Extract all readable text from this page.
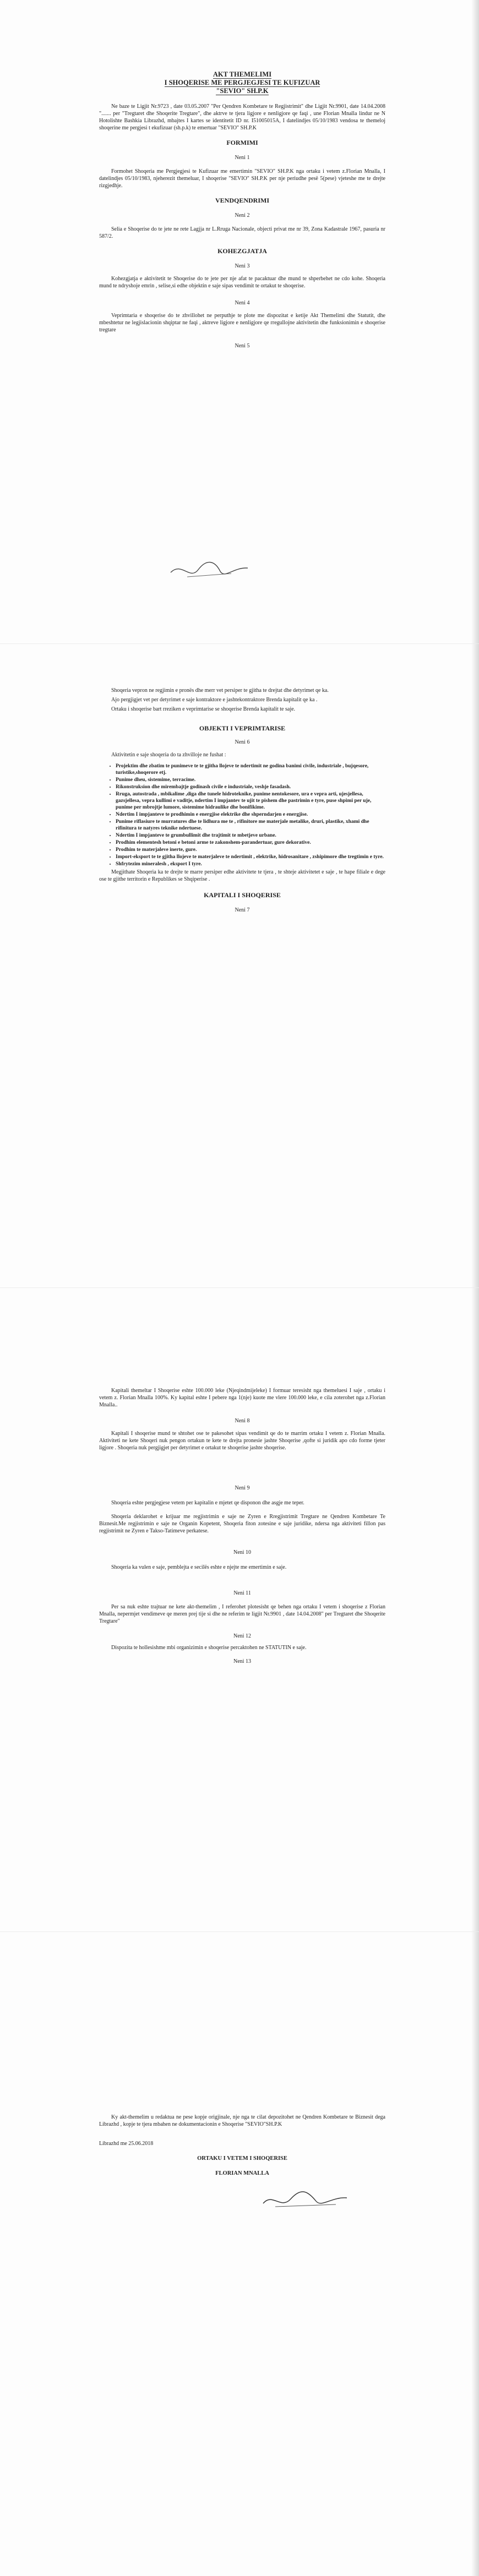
AKT THEMELIMI
I SHOQERISE ME PERGJEGJESI TE KUFIZUAR
"SEVIO" SH.P.K

Ne baze te Ligjit Nr.9723 , date 03.05.2007 "Per Qendren Kombetare te Regjistrimit" dhe Ligjit Nr.9901, date 14.04.2008 "....... per "Tregtaret dhe Shoqerite Tregtare", dhe aktrve te tjera ligjore e nenligjore qe faqi , une Florian Mnalla lindur ne N Hotolishte Bashkia Librazhd, mbajtes I kartes se identitetit ID nr. I51005015A, I datelindjes 05/10/1983 vendosa te themeloj shoqerine me pergjesi t ekufizuar (sh.p.k) te emertuar "SEVIO" SH.P.K

FORMIMI

Neni 1

Formohet Shoqeria me Pergjegjesi te Kufizuar me emertimin "SEVIO" SH.P.K nga ortaku i vetem z.Florian Mnalla, I datelindjes 05/10/1983, njeherezit themeluar, I shoqerise "SEVIO" SH.P.K per nje periudhe pesë 5(pese) vjeteshe me te drejte rizgjedhje.

VENDQENDRIMI

Neni 2

Selia e Shoqerise do te jete ne rete Lagjja nr L.Rruga Nacionale, objecti privat me nr 39, Zona Kadastrale 1967, pasuria nr 587/2.

KOHEZGJATJA

Neni 3

Kohezgjatja e aktivitetit te Shoqerise do te jete per nje afat te pacaktuar dhe mund te shperbehet ne cdo kohe. Shoqeria mund te ndryshoje emrin , selise,si edhe objektin e saje sipas vendimit te ortakut te shoqerise.

Neni 4

Veprimtaria e shoqerise do te zhvillohet ne perputhje te plote me dispozitat e ketije Akt Themelimi dhe Statutit, dhe mbeshtetur ne legjislacionin shqiptar ne faqi , aktreve ligjore e nenligjore qe rregullojne aktivitetin dhe funksionimin e shoqerise tregtare

Neni 5

Shoqeria vepron ne regjimin e pronës dhe merr vet persiper te gjitha te drejtat dhe detyrimet qe ka.

Ajo pergjigjet vet per detyrimet e saje kontraktore e jashtekontraktore Brenda kapitalit qe ka .

Ortaku i shoqerise bart rreziken e veprimtarise se shoqerise Brenda kapitalit te saje.

OBJEKTI I VEPRIMTARISE

Neni 6

Aktivitetin e saje shoqeria do ta zhvilloje ne fushat :

• Projektim dhe zbatim te punimeve te te gjitha llojeve te ndertimit ne godina banimi civile, industriale , bujqesore, turistike,shoqerore etj.
• Punime dheu, sistemime, terracime.
• Rikonstruksion dhe mirembajtje godinash civile e industriale, veshje fasadash.
• Rruga, autostrada , mbikalime ,diga dhe tunele hidroteknike, punime nentokesore, ura e vepra arti, ujesjellesa, gazsjellesa, vepra kullimi e vaditje, ndertim I impjantev te ujit te pishem dhe pastrimin e tyre, puse shpimi per uje, punime per mbrojtje lumore, sistemime hidraulike dhe bonifikime.
• Ndertim I impjanteve te prodhimin e energjise elektrike dhe shperndarjen e energjise.
• Punime riflasiure te murratures dhe te lidhura me te , rifinitore me materjale metalike, druri, plastike, xhami dhe rifinitura te natyres teknike ndertuese.
• Ndertim I impjanteve te grumbullimit dhe trajtimit te mbetjeve urbane.
• Prodhim elementesh betoni e betoni arme te zakonshem-parandertuar, gure dekorative.
• Prodhim te materjaleve inerte, gure.
• Import-eksport te te gjitha llojeve te materjaleve te ndertimit , elektrike, hidrosanitare , zshipimore dhe tregtimin e tyre.
• Shfrytezim mineralesh , eksport I tyre.

Megjithate Shoqeria ka te drejte te marre persiper edhe aktivitete te tjera , te shteje aktivitetet e saje , te hape filiale e dege ose te gjithe territorin e Republikes se Shqiperise .

KAPITALI I SHOQERISE

Neni 7

Kapitali themeltar I Shoqerise eshte 100.000 leke (Njeqindmijeleke) I formuar teresisht nga themeluesi I saje , ortaku i vetem z. Florian Mnalla 100%. Ky kapital eshte I pebere nga 1(nje) kuote me vlere 100.000 leke, e cila zoterohet nga z.Florian Mnalla..

Neni 8

Kapitali I shoqerise mund te shtohet ose te pakesohet sipas vendimit qe do te marrim ortaku I vetem z. Florian Mnalla. Aktiviteti ne kete Shoqeri nuk pengon ortakun te kete te drejta pronesie jashte Shoqerise ,qofte si juridik apo cdo forme tjeter ligjore . Shoqeria nuk pergjigjet per detyrimet e ortakut te shoqerise jashte shoqerise.

Neni 9

Shoqeria eshte pergjegjese vetem per kapitalin e mjetet qe disponon dhe asgje me teper.

Shoqeria deklarohet e krijuar me regjistrimin e saje ne Zyren e Rregjistrimit Tregtare ne Qendren Kombetare Te Biznesit.Me regjistrimin e saje ne Organin Kopetent, Shoqeria fiton zotesine e saje juridike, ndersa nga aktiviteti fillon pas regjistrimit ne Zyren e Takso-Tatimeve perkatese.

Neni 10

Shoqeria ka vulen e saje, pemblejta e secilës eshte e njejte me emertimin e saje.

Neni 11

Per sa nuk eshte trajtuar ne kete akt-themelim , I referohet plotesisht qe behen nga ortaku I vetem i shoqerise z Florian Mnalla, nepermjet vendimeve qe meren prej tije si dhe ne referim te ligjit Nr.9901 , date 14.04.2008" per Tregtaret dhe Shoqerite Tregtare"

Neni 12

Dispozita te hollesishme mbi organizimin e shoqerise percaktohen ne STATUTIN e saje.

Neni 13

Ky akt-themelim u redaktua ne pese kopje origjinale, nje nga te cilat depozitohet ne Qendren Kombetare te Biznesit dega Librazhd , kopje te tjera mbahen ne dokumentacionin e Shoqerise "SEVIO"SH.P.K

Librazhd me 25.06.2018

ORTAKU I VETEM I SHOQERISE
FLORIAN MNALLA
